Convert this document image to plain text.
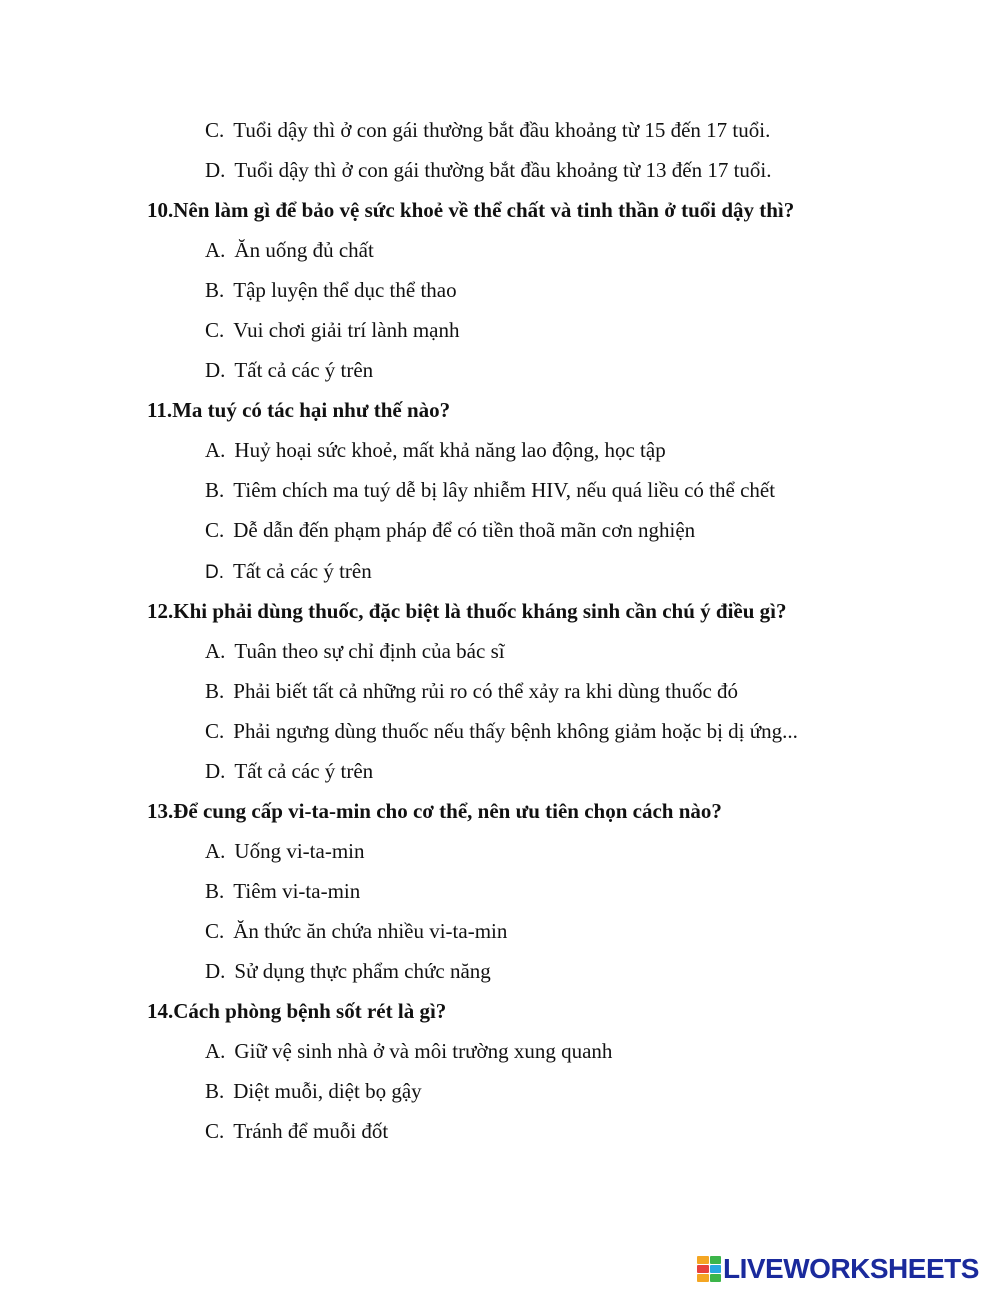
C. Tuổi dậy thì ở con gái thường bắt đầu khoảng từ 15 đến 17 tuổi.
D. Tuổi dậy thì ở con gái thường bắt đầu khoảng từ 13 đến 17 tuổi.
10.Nên làm gì để bảo vệ sức khoẻ về thể chất và tinh thần ở tuổi dậy thì?
A. Ăn uống đủ chất
B. Tập luyện thể dục thể thao
C. Vui chơi giải trí lành mạnh
D. Tất cả các ý trên
11.Ma tuý có tác hại như thế nào?
A. Huỷ hoại sức khoẻ, mất khả năng lao động, học tập
B. Tiêm chích ma tuý dễ bị lây nhiễm HIV, nếu quá liều có thể chết
C. Dễ dẫn đến phạm pháp để có tiền thoã mãn cơn nghiện
D. Tất cả các ý trên
12.Khi phải dùng thuốc, đặc biệt là thuốc kháng sinh cần chú ý điều gì?
A. Tuân theo sự chỉ định của bác sĩ
B. Phải biết tất cả những rủi ro có thể xảy ra khi dùng thuốc đó
C. Phải ngưng dùng thuốc nếu thấy bệnh không giảm hoặc bị dị ứng...
D. Tất cả các ý trên
13.Để cung cấp vi-ta-min cho cơ thể, nên ưu tiên chọn cách nào?
A. Uống vi-ta-min
B. Tiêm vi-ta-min
C. Ăn thức ăn chứa nhiều vi-ta-min
D. Sử dụng thực phẩm chức năng
14.Cách phòng bệnh sốt rét là gì?
A. Giữ vệ sinh nhà ở và môi trường xung quanh
B. Diệt muỗi, diệt bọ gậy
C. Tránh để muỗi đốt
LIVEWORKSHEETS
